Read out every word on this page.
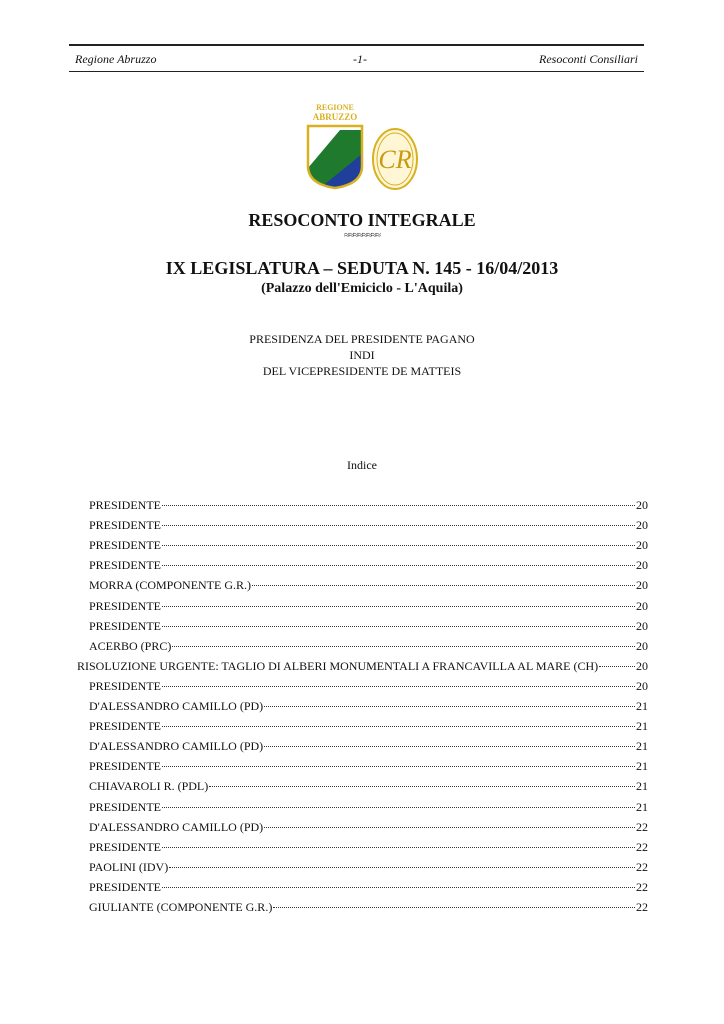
Regione Abruzzo	-1-	Resoconti Consiliari
REGIONE
ABRUZZO
CR
RESOCONTO INTEGRALE
≈≈≈≈≈≈≈≈
IX LEGISLATURA – SEDUTA N. 145 - 16/04/2013
(Palazzo dell'Emiciclo - L'Aquila)
PRESIDENZA DEL PRESIDENTE PAGANO
INDI
DEL VICEPRESIDENTE DE MATTEIS
Indice
PRESIDENTE	20
PRESIDENTE	20
PRESIDENTE	20
PRESIDENTE	20
MORRA (COMPONENTE G.R.)	20
PRESIDENTE	20
PRESIDENTE	20
ACERBO (PRC)	20
RISOLUZIONE URGENTE: TAGLIO DI ALBERI MONUMENTALI A FRANCAVILLA AL MARE (CH)	20
PRESIDENTE	20
D'ALESSANDRO CAMILLO (PD)	21
PRESIDENTE	21
D'ALESSANDRO CAMILLO (PD)	21
PRESIDENTE	21
CHIAVAROLI R. (PDL)	21
PRESIDENTE	21
D'ALESSANDRO CAMILLO (PD)	22
PRESIDENTE	22
PAOLINI (IDV)	22
PRESIDENTE	22
GIULIANTE (COMPONENTE G.R.)	22
